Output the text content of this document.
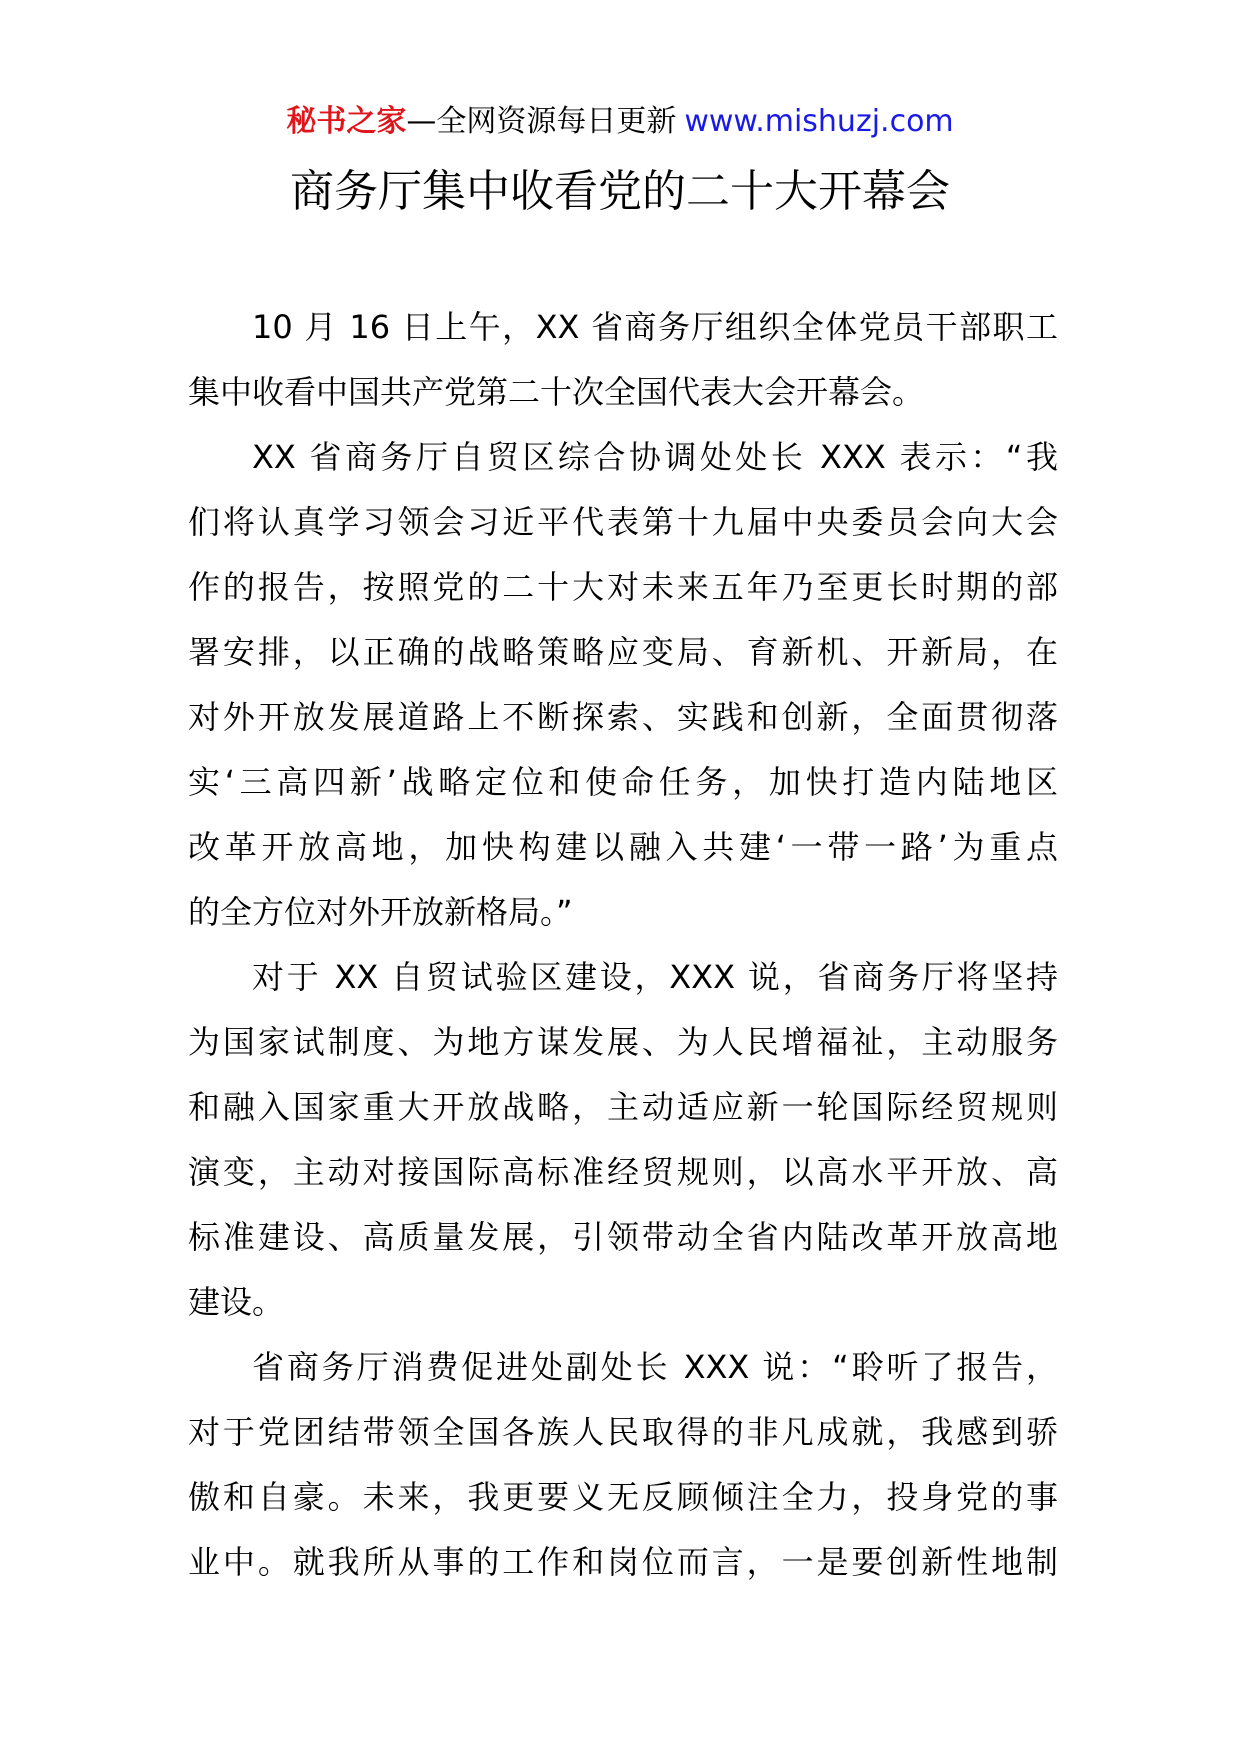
秘书之家—全网资源每日更新 www.mishuzj.com
商务厅集中收看党的二十大开幕会

10 月 16 日上午，XX 省商务厅组织全体党员干部职工
集中收看中国共产党第二十次全国代表大会开幕会。

XX 省商务厅自贸区综合协调处处长 XXX 表示：“我
们将认真学习领会习近平代表第十九届中央委员会向大会
作的报告，按照党的二十大对未来五年乃至更长时期的部
署安排，以正确的战略策略应变局、育新机、开新局，在
对外开放发展道路上不断探索、实践和创新，全面贯彻落
实‘三高四新’战略定位和使命任务，加快打造内陆地区
改革开放高地，加快构建以融入共建‘一带一路’为重点
的全方位对外开放新格局。”

对于 XX 自贸试验区建设，XXX 说，省商务厅将坚持
为国家试制度、为地方谋发展、为人民增福祉，主动服务
和融入国家重大开放战略，主动适应新一轮国际经贸规则
演变，主动对接国际高标准经贸规则，以高水平开放、高
标准建设、高质量发展，引领带动全省内陆改革开放高地
建设。

省商务厅消费促进处副处长 XXX 说：“聆听了报告，
对于党团结带领全国各族人民取得的非凡成就，我感到骄
傲和自豪。未来，我更要义无反顾倾注全力，投身党的事
业中。就我所从事的工作和岗位而言，一是要创新性地制
